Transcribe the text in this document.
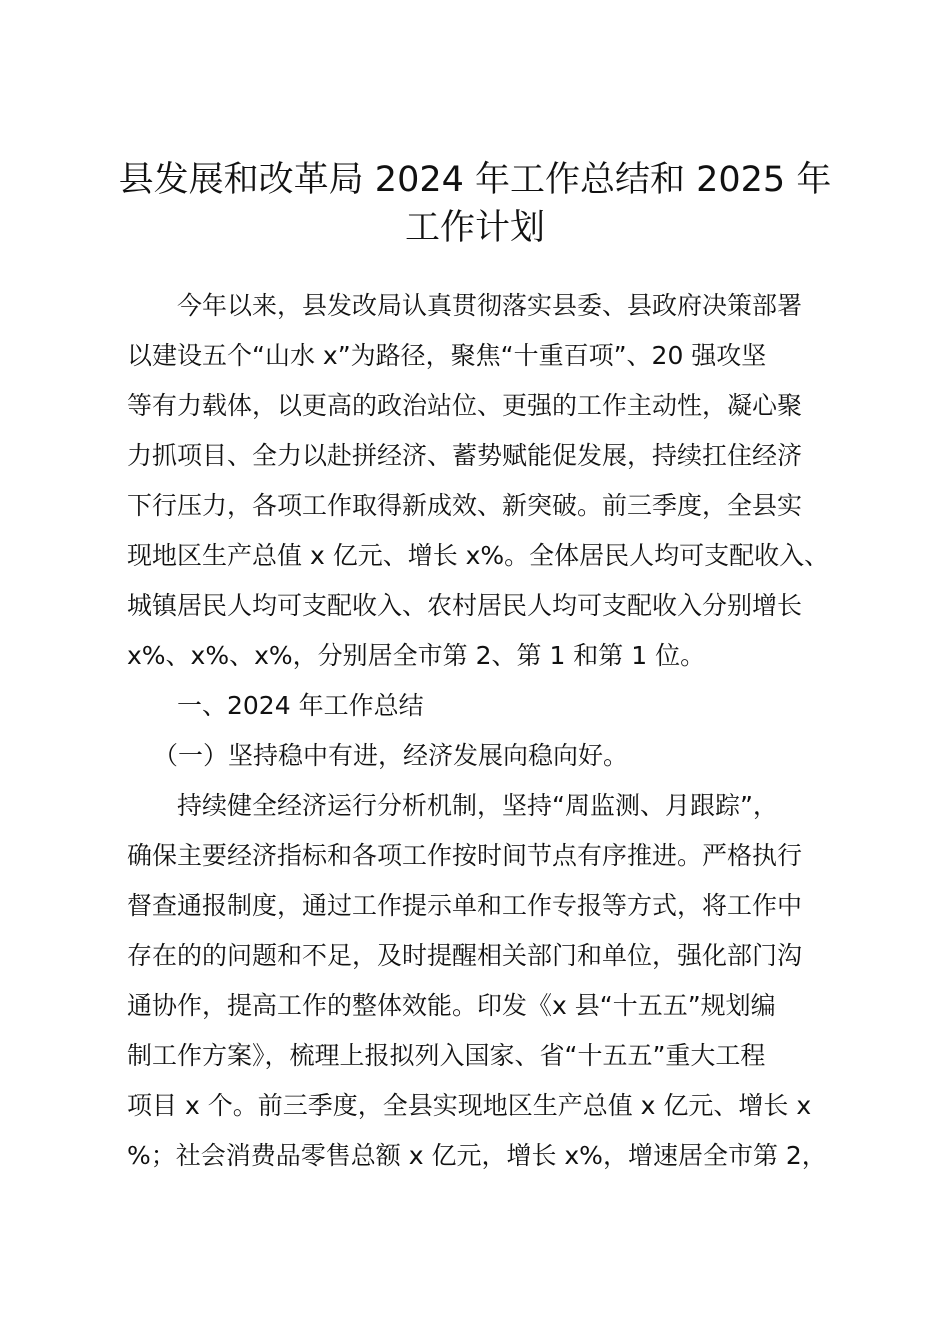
县发展和改革局 2024 年工作总结和 2025 年
工作计划

今年以来，县发改局认真贯彻落实县委、县政府决策部署

以建设五个“山水 x”为路径，聚焦“十重百项”、20 强攻坚

等有力载体，以更高的政治站位、更强的工作主动性，凝心聚

力抓项目、全力以赴拼经济、蓄势赋能促发展，持续扛住经济

下行压力，各项工作取得新成效、新突破。前三季度，全县实

现地区生产总值 x 亿元、增长 x%。全体居民人均可支配收入、

城镇居民人均可支配收入、农村居民人均可支配收入分别增长

x%、x%、x%，分别居全市第 2、第 1 和第 1 位。

一、2024 年工作总结

（一）坚持稳中有进，经济发展向稳向好。

持续健全经济运行分析机制，坚持“周监测、月跟踪”，

确保主要经济指标和各项工作按时间节点有序推进。严格执行

督查通报制度，通过工作提示单和工作专报等方式，将工作中

存在的的问题和不足，及时提醒相关部门和单位，强化部门沟

通协作，提高工作的整体效能。印发《x 县“十五五”规划编

制工作方案》，梳理上报拟列入国家、省“十五五”重大工程

项目 x 个。前三季度，全县实现地区生产总值 x 亿元、增长 x

%；社会消费品零售总额 x 亿元，增长 x%，增速居全市第 2，
